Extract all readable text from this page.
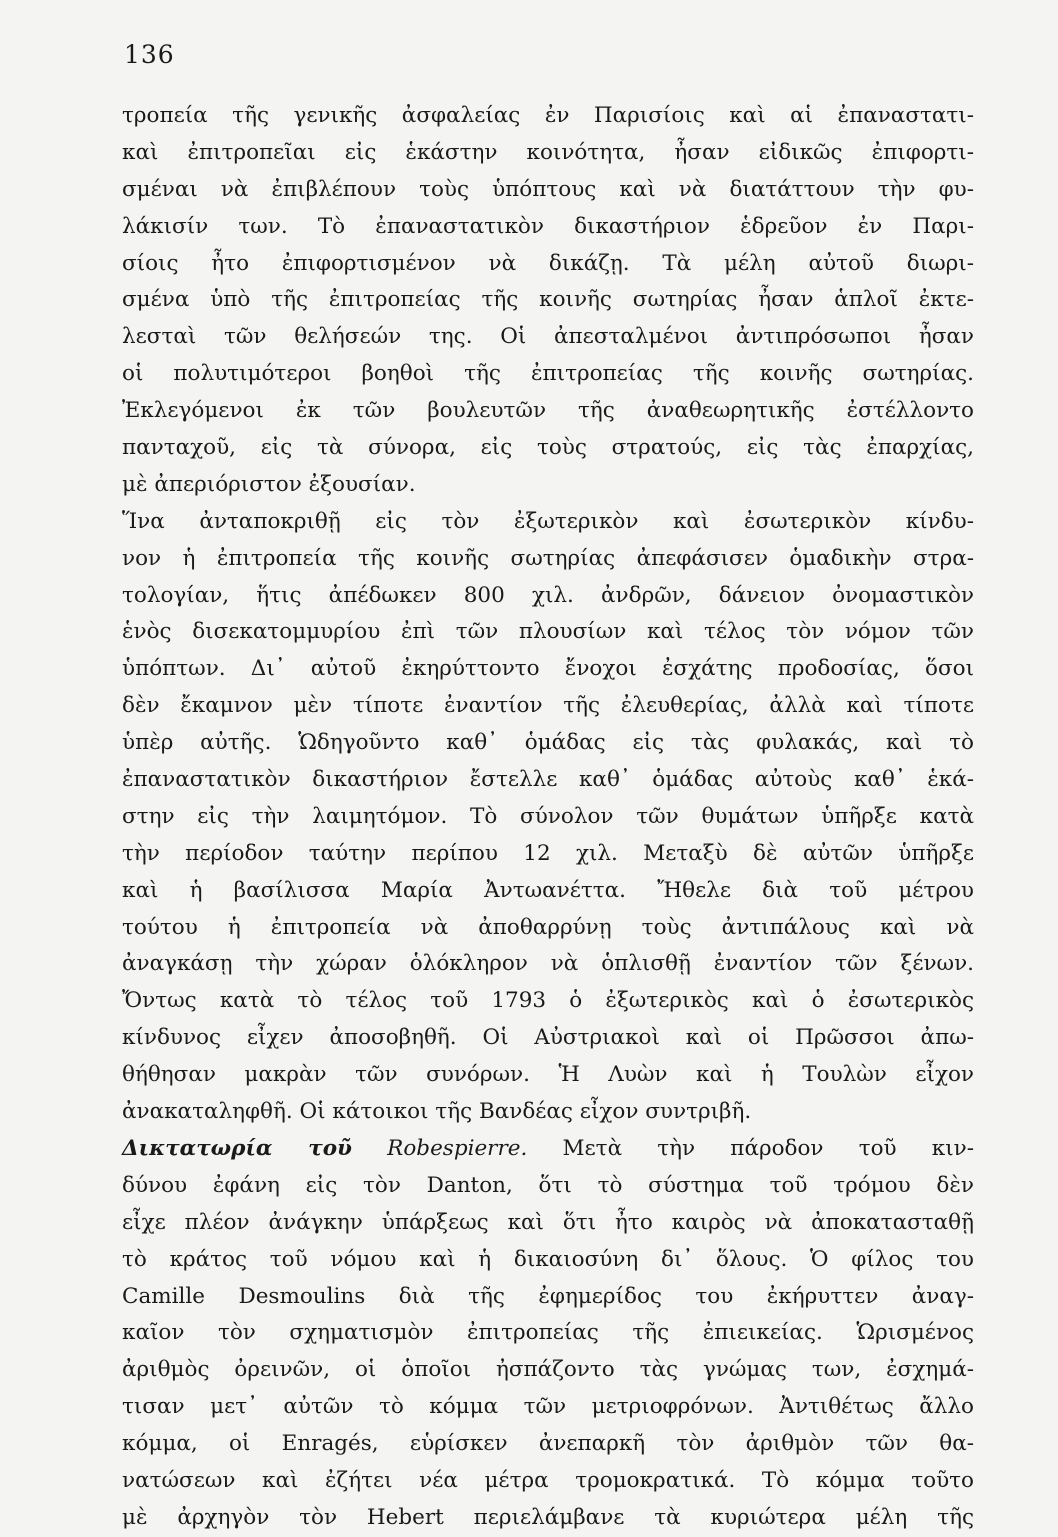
136
τροπεία τῆς γενικῆς ἀσφαλείας ἐν Παρισίοις καὶ αἱ ἐπαναστατι-
καὶ ἐπιτροπεῖαι εἰς ἑκάστην κοινότητα, ἦσαν εἰδικῶς ἐπιφορτι-
σμέναι νὰ ἐπιβλέπουν τοὺς ὑπόπτους καὶ νὰ διατάττουν τὴν φυ-
λάκισίν των. Τὸ ἐπαναστατικὸν δικαστήριον ἑδρεῦον ἐν Παρι-
σίοις ἦτο ἐπιφορτισμένον νὰ δικάζῃ. Τὰ μέλη αὐτοῦ διωρι-
σμένα ὑπὸ τῆς ἐπιτροπείας τῆς κοινῆς σωτηρίας ἦσαν ἁπλοῖ ἐκτε-
λεσταὶ τῶν θελήσεών της. Οἱ ἀπεσταλμένοι ἀντιπρόσωποι ἦσαν
οἱ πολυτιμότεροι βοηθοὶ τῆς ἐπιτροπείας τῆς κοινῆς σωτηρίας.
Ἐκλεγόμενοι ἐκ τῶν βουλευτῶν τῆς ἀναθεωρητικῆς ἐστέλλοντο
πανταχοῦ, εἰς τὰ σύνορα, εἰς τοὺς στρατούς, εἰς τὰς ἐπαρχίας,
μὲ ἀπεριόριστον ἐξουσίαν.
Ἵνα ἀνταποκριθῇ εἰς τὸν ἐξωτερικὸν καὶ ἐσωτερικὸν κίνδυ-
νον ἡ ἐπιτροπεία τῆς κοινῆς σωτηρίας ἀπεφάσισεν ὁμαδικὴν στρα-
τολογίαν, ἥτις ἀπέδωκεν 800 χιλ. ἀνδρῶν, δάνειον ὀνομαστικὸν
ἑνὸς δισεκατομμυρίου ἐπὶ τῶν πλουσίων καὶ τέλος τὸν νόμον τῶν
ὑπόπτων. Δι᾽ αὐτοῦ ἐκηρύττοντο ἔνοχοι ἐσχάτης προδοσίας, ὅσοι
δὲν ἔκαμνον μὲν τίποτε ἐναντίον τῆς ἐλευθερίας, ἀλλὰ καὶ τίποτε
ὑπὲρ αὐτῆς. Ὡδηγοῦντο καθ᾽ ὁμάδας εἰς τὰς φυλακάς, καὶ τὸ
ἐπαναστατικὸν δικαστήριον ἔστελλε καθ᾽ ὁμάδας αὐτοὺς καθ᾽ ἑκά-
στην εἰς τὴν λαιμητόμον. Τὸ σύνολον τῶν θυμάτων ὑπῆρξε κατὰ
τὴν περίοδον ταύτην περίπου 12 χιλ. Μεταξὺ δὲ αὐτῶν ὑπῆρξε
καὶ ἡ βασίλισσα Μαρία Ἀντωανέττα. Ἤθελε διὰ τοῦ μέτρου
τούτου ἡ ἐπιτροπεία νὰ ἀποθαρρύνῃ τοὺς ἀντιπάλους καὶ νὰ
ἀναγκάσῃ τὴν χώραν ὁλόκληρον νὰ ὁπλισθῇ ἐναντίον τῶν ξένων.
Ὄντως κατὰ τὸ τέλος τοῦ 1793 ὁ ἐξωτερικὸς καὶ ὁ ἐσωτερικὸς
κίνδυνος εἶχεν ἀποσοβηθῆ. Οἱ Αὐστριακοὶ καὶ οἱ Πρῶσσοι ἀπω-
θήθησαν μακρὰν τῶν συνόρων. Ἡ Λυὼν καὶ ἡ Τουλὼν εἶχον
ἀνακαταληφθῆ. Οἱ κάτοικοι τῆς Βανδέας εἶχον συντριβῆ.
Δικτατωρία τοῦ Robespierre. Μετὰ τὴν πάροδον τοῦ κιν-
δύνου ἐφάνη εἰς τὸν Danton, ὅτι τὸ σύστημα τοῦ τρόμου δὲν
εἶχε πλέον ἀνάγκην ὑπάρξεως καὶ ὅτι ἦτο καιρὸς νὰ ἀποκατασταθῇ
τὸ κράτος τοῦ νόμου καὶ ἡ δικαιοσύνη δι᾽ ὅλους. Ὁ φίλος του
Camille Desmoulins διὰ τῆς ἐφημερίδος του ἐκήρυττεν ἀναγ-
καῖον τὸν σχηματισμὸν ἐπιτροπείας τῆς ἐπιεικείας. Ὡρισμένος
ἀριθμὸς ὀρεινῶν, οἱ ὁποῖοι ἠσπάζοντο τὰς γνώμας των, ἐσχημά-
τισαν μετ᾽ αὐτῶν τὸ κόμμα τῶν μετριοφρόνων. Ἀντιθέτως ἄλλο
κόμμα, οἱ Enragés, εὑρίσκεν ἀνεπαρκῆ τὸν ἀριθμὸν τῶν θα-
νατώσεων καὶ ἐζήτει νέα μέτρα τρομοκρατικά. Τὸ κόμμα τοῦτο
μὲ ἀρχηγὸν τὸν Hebert περιελάμβανε τὰ κυριώτερα μέλη τῆς
